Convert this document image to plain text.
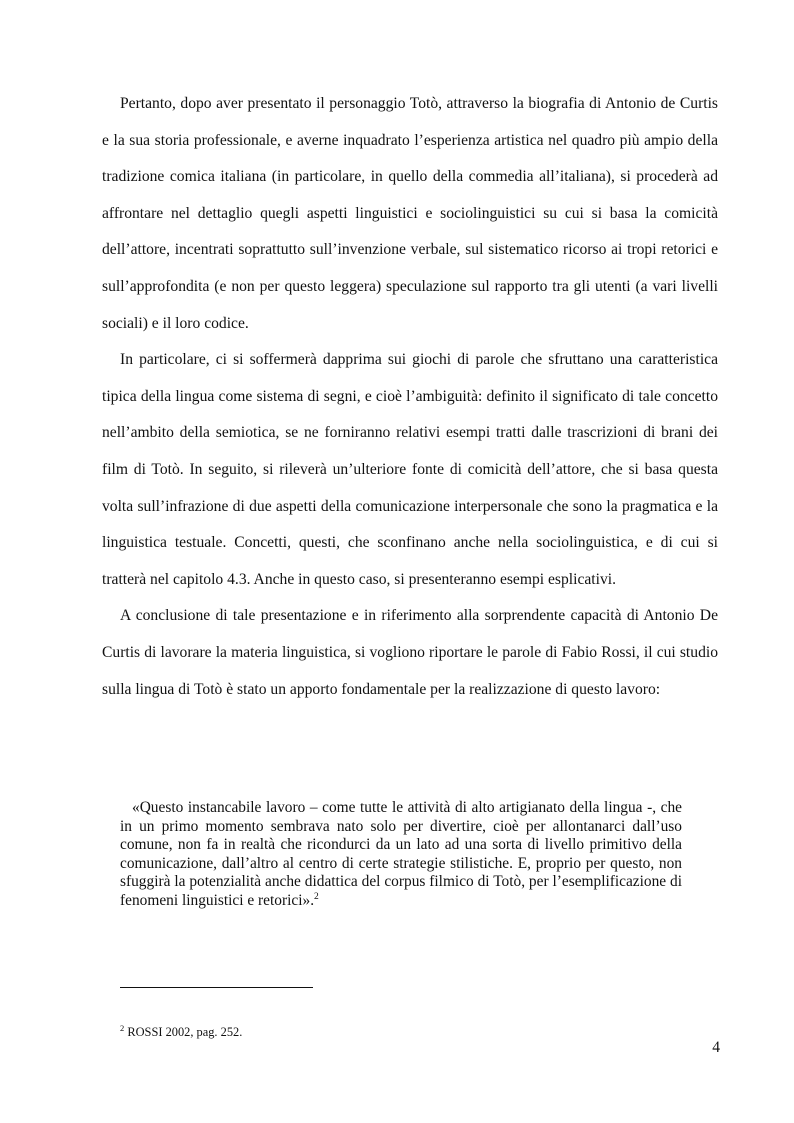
Pertanto, dopo aver presentato il personaggio Totò, attraverso la biografia di Antonio de Curtis e la sua storia professionale, e averne inquadrato l’esperienza artistica nel quadro più ampio della tradizione comica italiana (in particolare, in quello della commedia all’italiana), si procederà ad affrontare nel dettaglio quegli aspetti linguistici e sociolinguistici su cui si basa la comicità dell’attore, incentrati soprattutto sull’invenzione verbale, sul sistematico ricorso ai tropi retorici e sull’approfondita (e non per questo leggera) speculazione sul rapporto tra gli utenti (a vari livelli sociali) e il loro codice.

In particolare, ci si soffermerà dapprima sui giochi di parole che sfruttano una caratteristica tipica della lingua come sistema di segni, e cioè l’ambiguità: definito il significato di tale concetto nell’ambito della semiotica, se ne forniranno relativi esempi tratti dalle trascrizioni di brani dei film di Totò. In seguito, si rileverà un’ulteriore fonte di comicità dell’attore, che si basa questa volta sull’infrazione di due aspetti della comunicazione interpersonale che sono la pragmatica e la linguistica testuale. Concetti, questi, che sconfinano anche nella sociolinguistica, e di cui si tratterà nel capitolo 4.3. Anche in questo caso, si presenteranno esempi esplicativi.

A conclusione di tale presentazione e in riferimento alla sorprendente capacità di Antonio De Curtis di lavorare la materia linguistica, si vogliono riportare le parole di Fabio Rossi, il cui studio sulla lingua di Totò è stato un apporto fondamentale per la realizzazione di questo lavoro:

«Questo instancabile lavoro – come tutte le attività di alto artigianato della lingua -, che in un primo momento sembrava nato solo per divertire, cioè per allontanarci dall’uso comune, non fa in realtà che ricondurci da un lato ad una sorta di livello primitivo della comunicazione, dall’altro al centro di certe strategie stilistiche. E, proprio per questo, non sfuggirà la potenzialità anche didattica del corpus filmico di Totò, per l’esemplificazione di fenomeni linguistici e retorici».$^2$

$^2$ ROSSI 2002, pag. 252.

4
